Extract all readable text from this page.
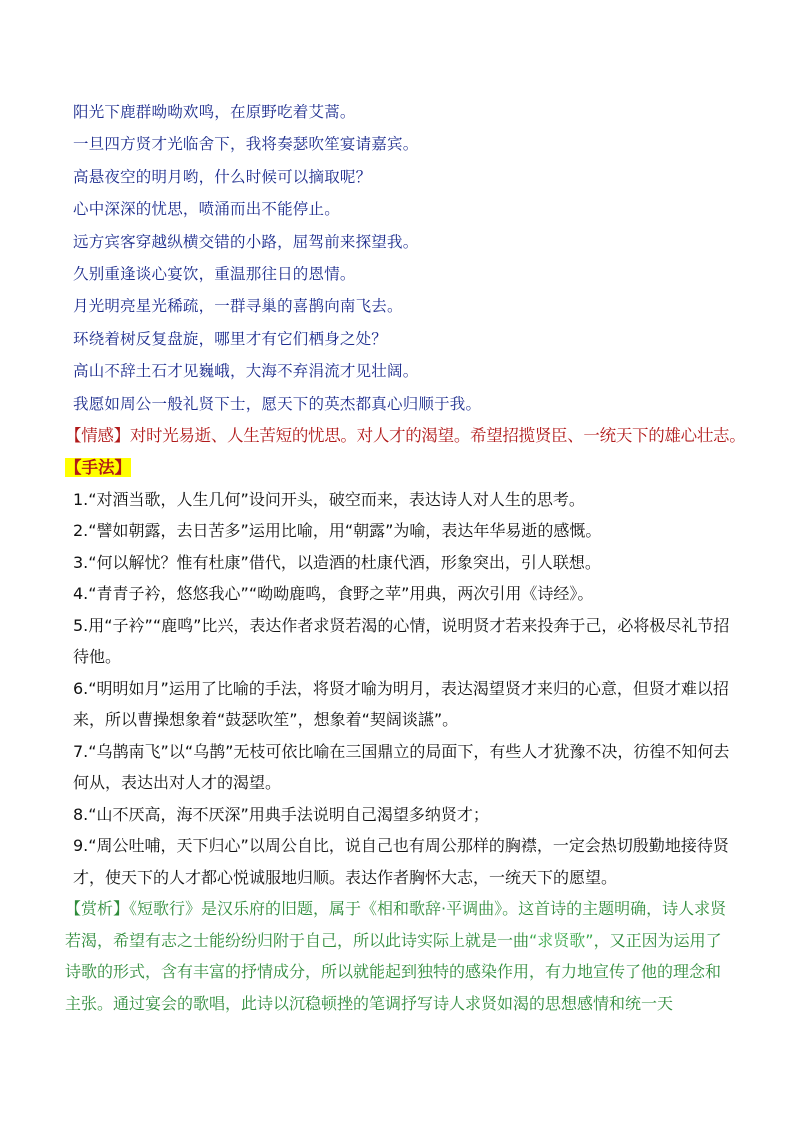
阳光下鹿群呦呦欢鸣，在原野吃着艾蒿。
一旦四方贤才光临舍下，我将奏瑟吹笙宴请嘉宾。
高悬夜空的明月哟，什么时候可以摘取呢？
心中深深的忧思，喷涌而出不能停止。
远方宾客穿越纵横交错的小路，屈驾前来探望我。
久别重逢谈心宴饮，重温那往日的恩情。
月光明亮星光稀疏，一群寻巢的喜鹊向南飞去。
环绕着树反复盘旋，哪里才有它们栖身之处？
高山不辞土石才见巍峨，大海不弃涓流才见壮阔。
我愿如周公一般礼贤下士，愿天下的英杰都真心归顺于我。
【情感】对时光易逝、人生苦短的忧思。对人才的渴望。希望招揽贤臣、一统天下的雄心壮志。
【手法】
1.“对酒当歌，人生几何”设问开头，破空而来，表达诗人对人生的思考。
2.“譬如朝露，去日苦多”运用比喻，用“朝露”为喻，表达年华易逝的感慨。
3.“何以解忧？惟有杜康”借代，以造酒的杜康代酒，形象突出，引人联想。
4.“青青子衿，悠悠我心”“呦呦鹿鸣，食野之苹”用典，两次引用《诗经》。
5.用“子衿”“鹿鸣”比兴，表达作者求贤若渴的心情，说明贤才若来投奔于己，必将极尽礼节招待他。
6.“明明如月”运用了比喻的手法，将贤才喻为明月，表达渴望贤才来归的心意，但贤才难以招来，所以曹操想象着“鼓瑟吹笙”，想象着“契阔谈讌”。
7.“乌鹊南飞”以“乌鹊”无枝可依比喻在三国鼎立的局面下，有些人才犹豫不决，彷徨不知何去何从，表达出对人才的渴望。
8.“山不厌高，海不厌深”用典手法说明自己渴望多纳贤才；
9.“周公吐哺，天下归心”以周公自比，说自己也有周公那样的胸襟，一定会热切殷勤地接待贤才，使天下的人才都心悦诚服地归顺。表达作者胸怀大志，一统天下的愿望。
【赏析】《短歌行》是汉乐府的旧题，属于《相和歌辞·平调曲》。这首诗的主题明确，诗人求贤若渴，希望有志之士能纷纷归附于自己，所以此诗实际上就是一曲“求贤歌”，又正因为运用了诗歌的形式，含有丰富的抒情成分，所以就能起到独特的感染作用，有力地宣传了他的理念和主张。通过宴会的歌唱，此诗以沉稳顿挫的笔调抒写诗人求贤如渴的思想感情和统一天
